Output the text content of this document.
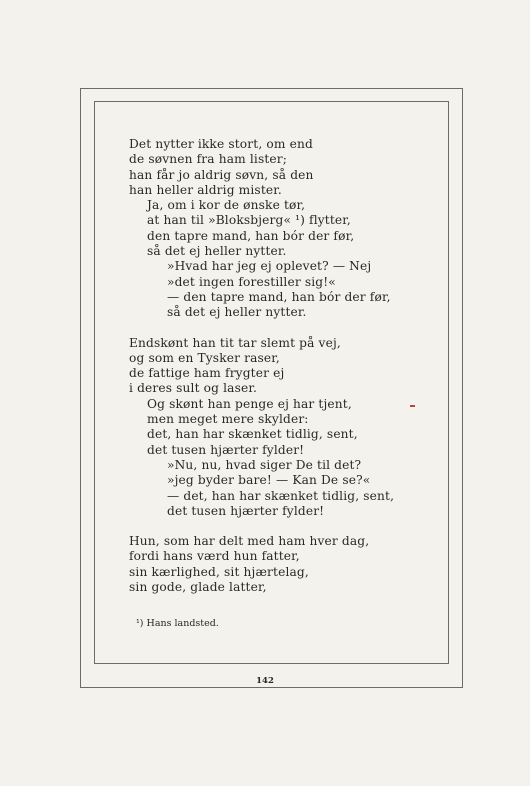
Det nytter ikke stort, om end
de søvnen fra ham lister;
han får jo aldrig søvn, så den
han heller aldrig mister.
Ja, om i kor de ønske tør,
at han til »Bloksbjerg« ¹) flytter,
den tapre mand, han bór der før,
så det ej heller nytter.
»Hvad har jeg ej oplevet? — Nej
»det ingen forestiller sig!«
— den tapre mand, han bór der før,
så det ej heller nytter.
Endskønt han tit tar slemt på vej,
og som en Tysker raser,
de fattige ham frygter ej
i deres sult og laser.
Og skønt han penge ej har tjent,
men meget mere skylder:
det, han har skænket tidlig, sent,
det tusen hjærter fylder!
»Nu, nu, hvad siger De til det?
»jeg byder bare! — Kan De se?«
— det, han har skænket tidlig, sent,
det tusen hjærter fylder!
Hun, som har delt med ham hver dag,
fordi hans værd hun fatter,
sin kærlighed, sit hjærtelag,
sin gode, glade latter,
¹) Hans landsted.
142
